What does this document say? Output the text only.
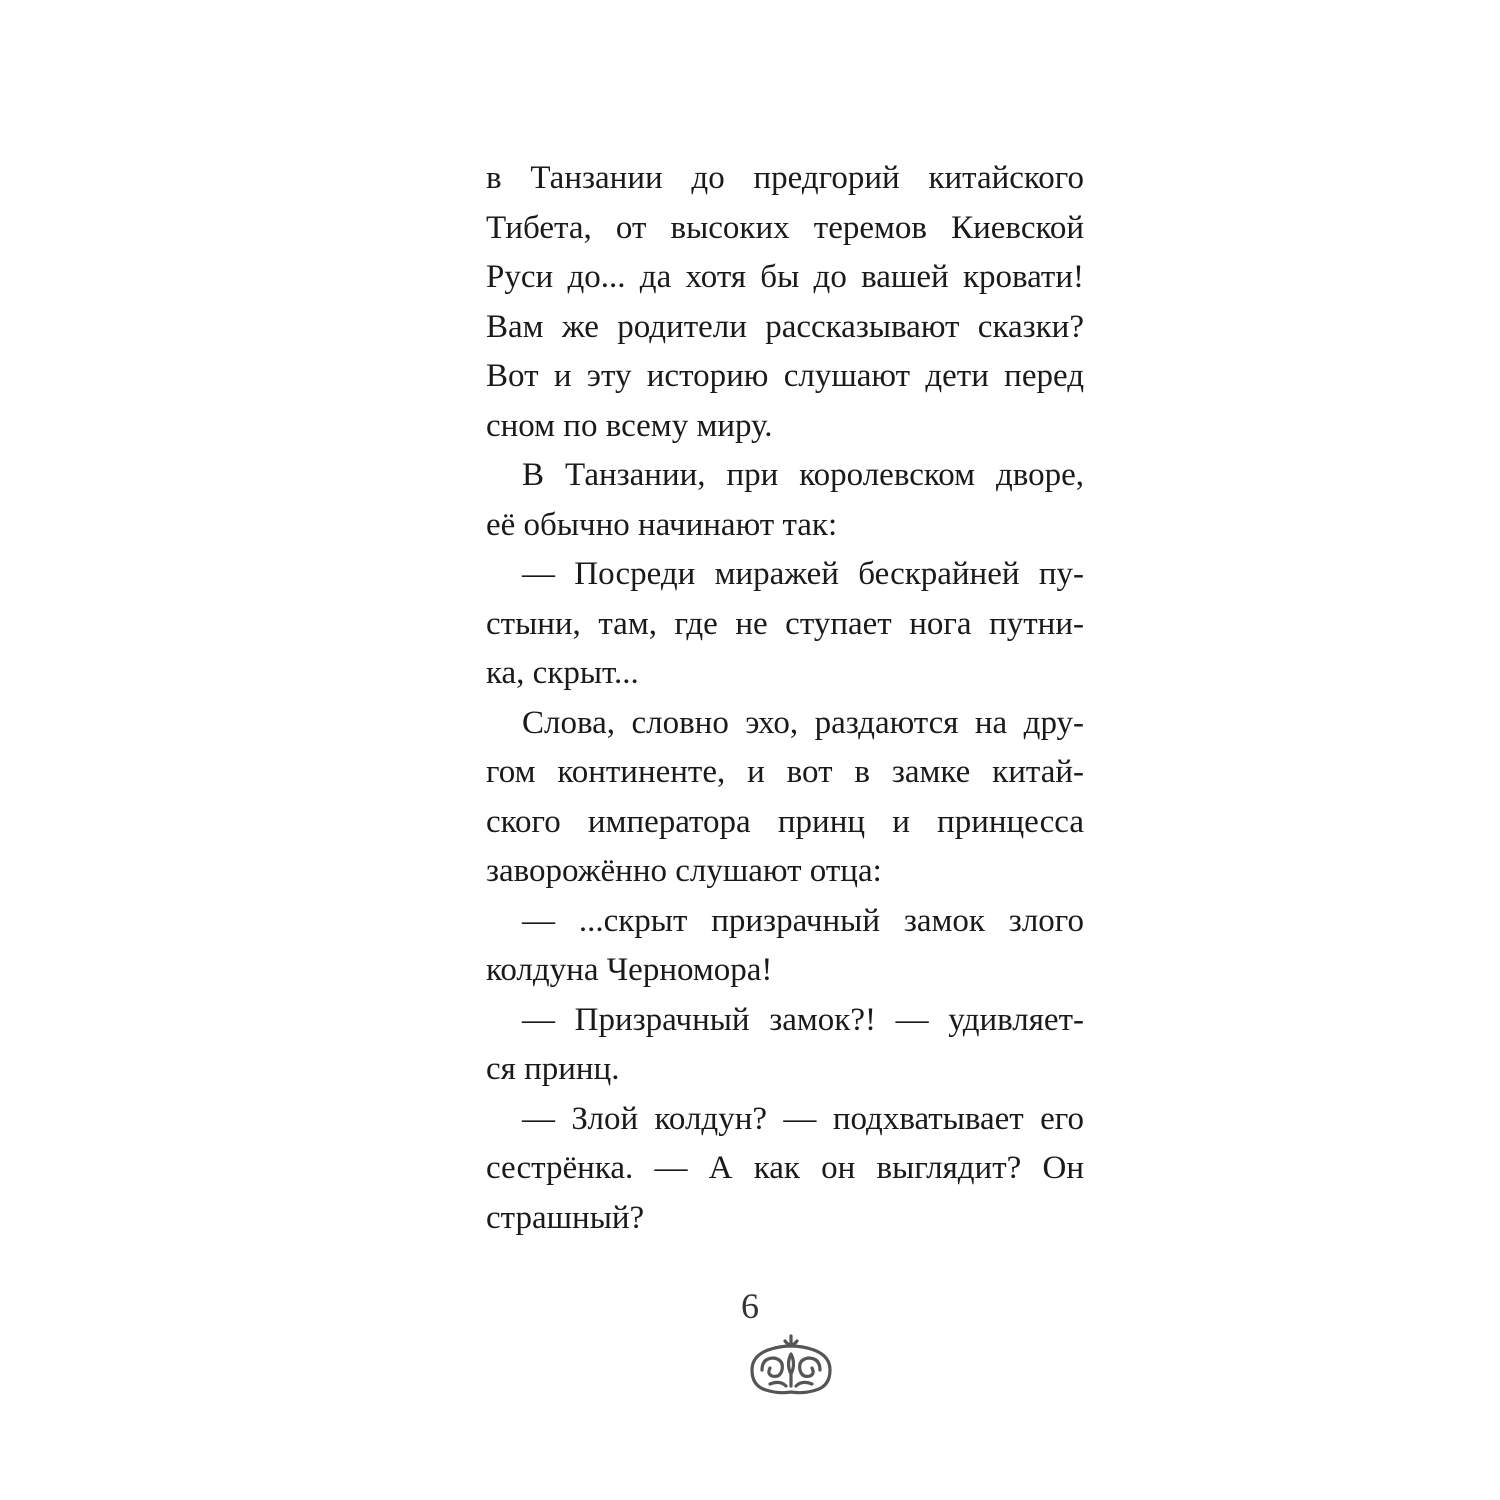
в Танзании до предгорий китайского
Тибета, от высоких теремов Киевской
Руси до... да хотя бы до вашей кровати!
Вам же родители рассказывают сказки?
Вот и эту историю слушают дети перед
сном по всему миру.
В Танзании, при королевском дворе,
её обычно начинают так:
— Посреди миражей бескрайней пу-
стыни, там, где не ступает нога путни-
ка, скрыт...
Слова, словно эхо, раздаются на дру-
гом континенте, и вот в замке китай-
ского императора принц и принцесса
заворожённо слушают отца:
— ...скрыт призрачный замок злого
колдуна Черномора!
— Призрачный замок?! — удивляет-
ся принц.
— Злой колдун? — подхватывает его
сестрёнка. — А как он выглядит? Он
страшный?
6
